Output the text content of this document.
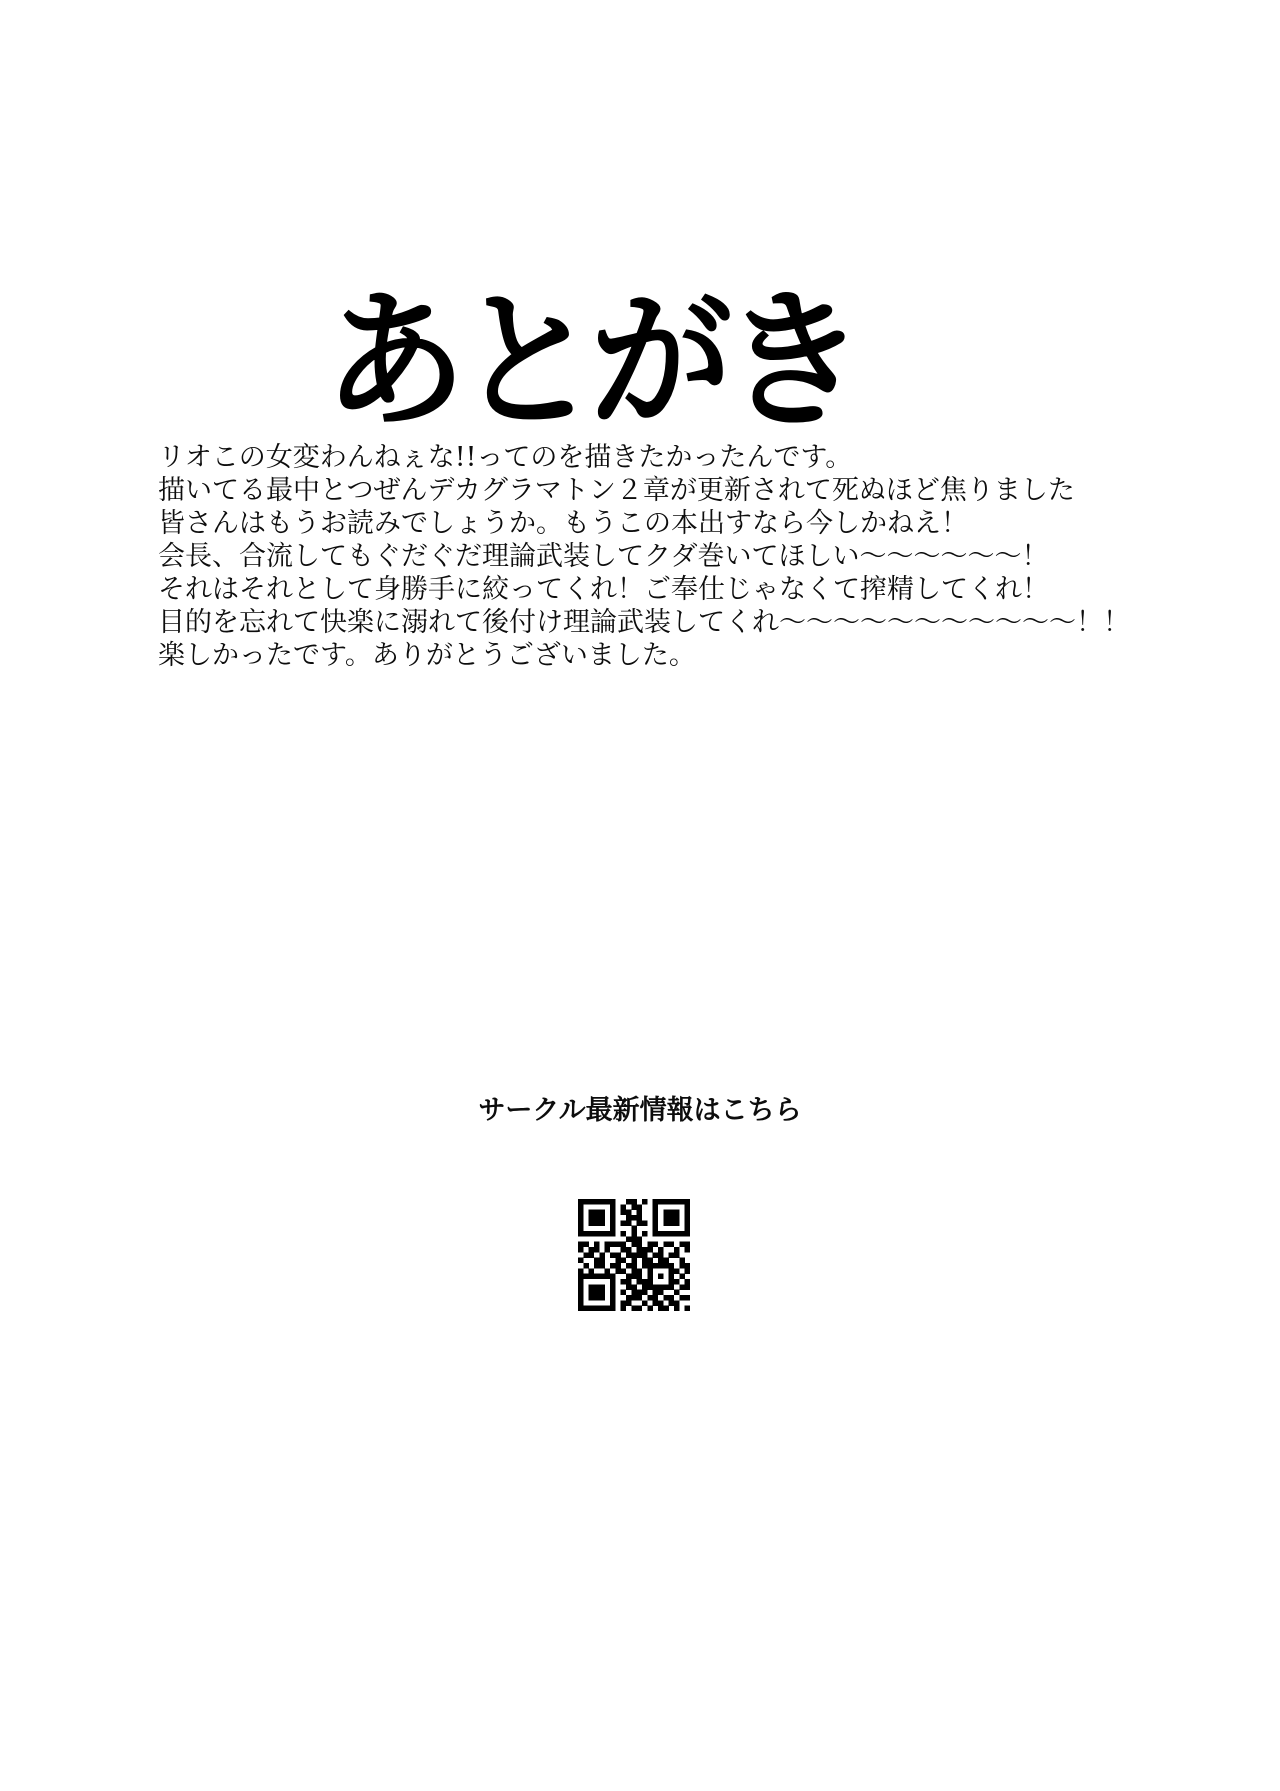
あとがき
リオこの女変わんねぇな!!ってのを描きたかったんです。
描いてる最中とつぜんデカグラマトン２章が更新されて死ぬほど焦りました
皆さんはもうお読みでしょうか。もうこの本出すなら今しかねえ！
会長、合流してもぐだぐだ理論武装してクダ巻いてほしい～～～～～～！
それはそれとして身勝手に絞ってくれ！ご奉仕じゃなくて搾精してくれ！
目的を忘れて快楽に溺れて後付け理論武装してくれ～～～～～～～～～～～！！
楽しかったです。ありがとうございました。
サークル最新情報はこちら
